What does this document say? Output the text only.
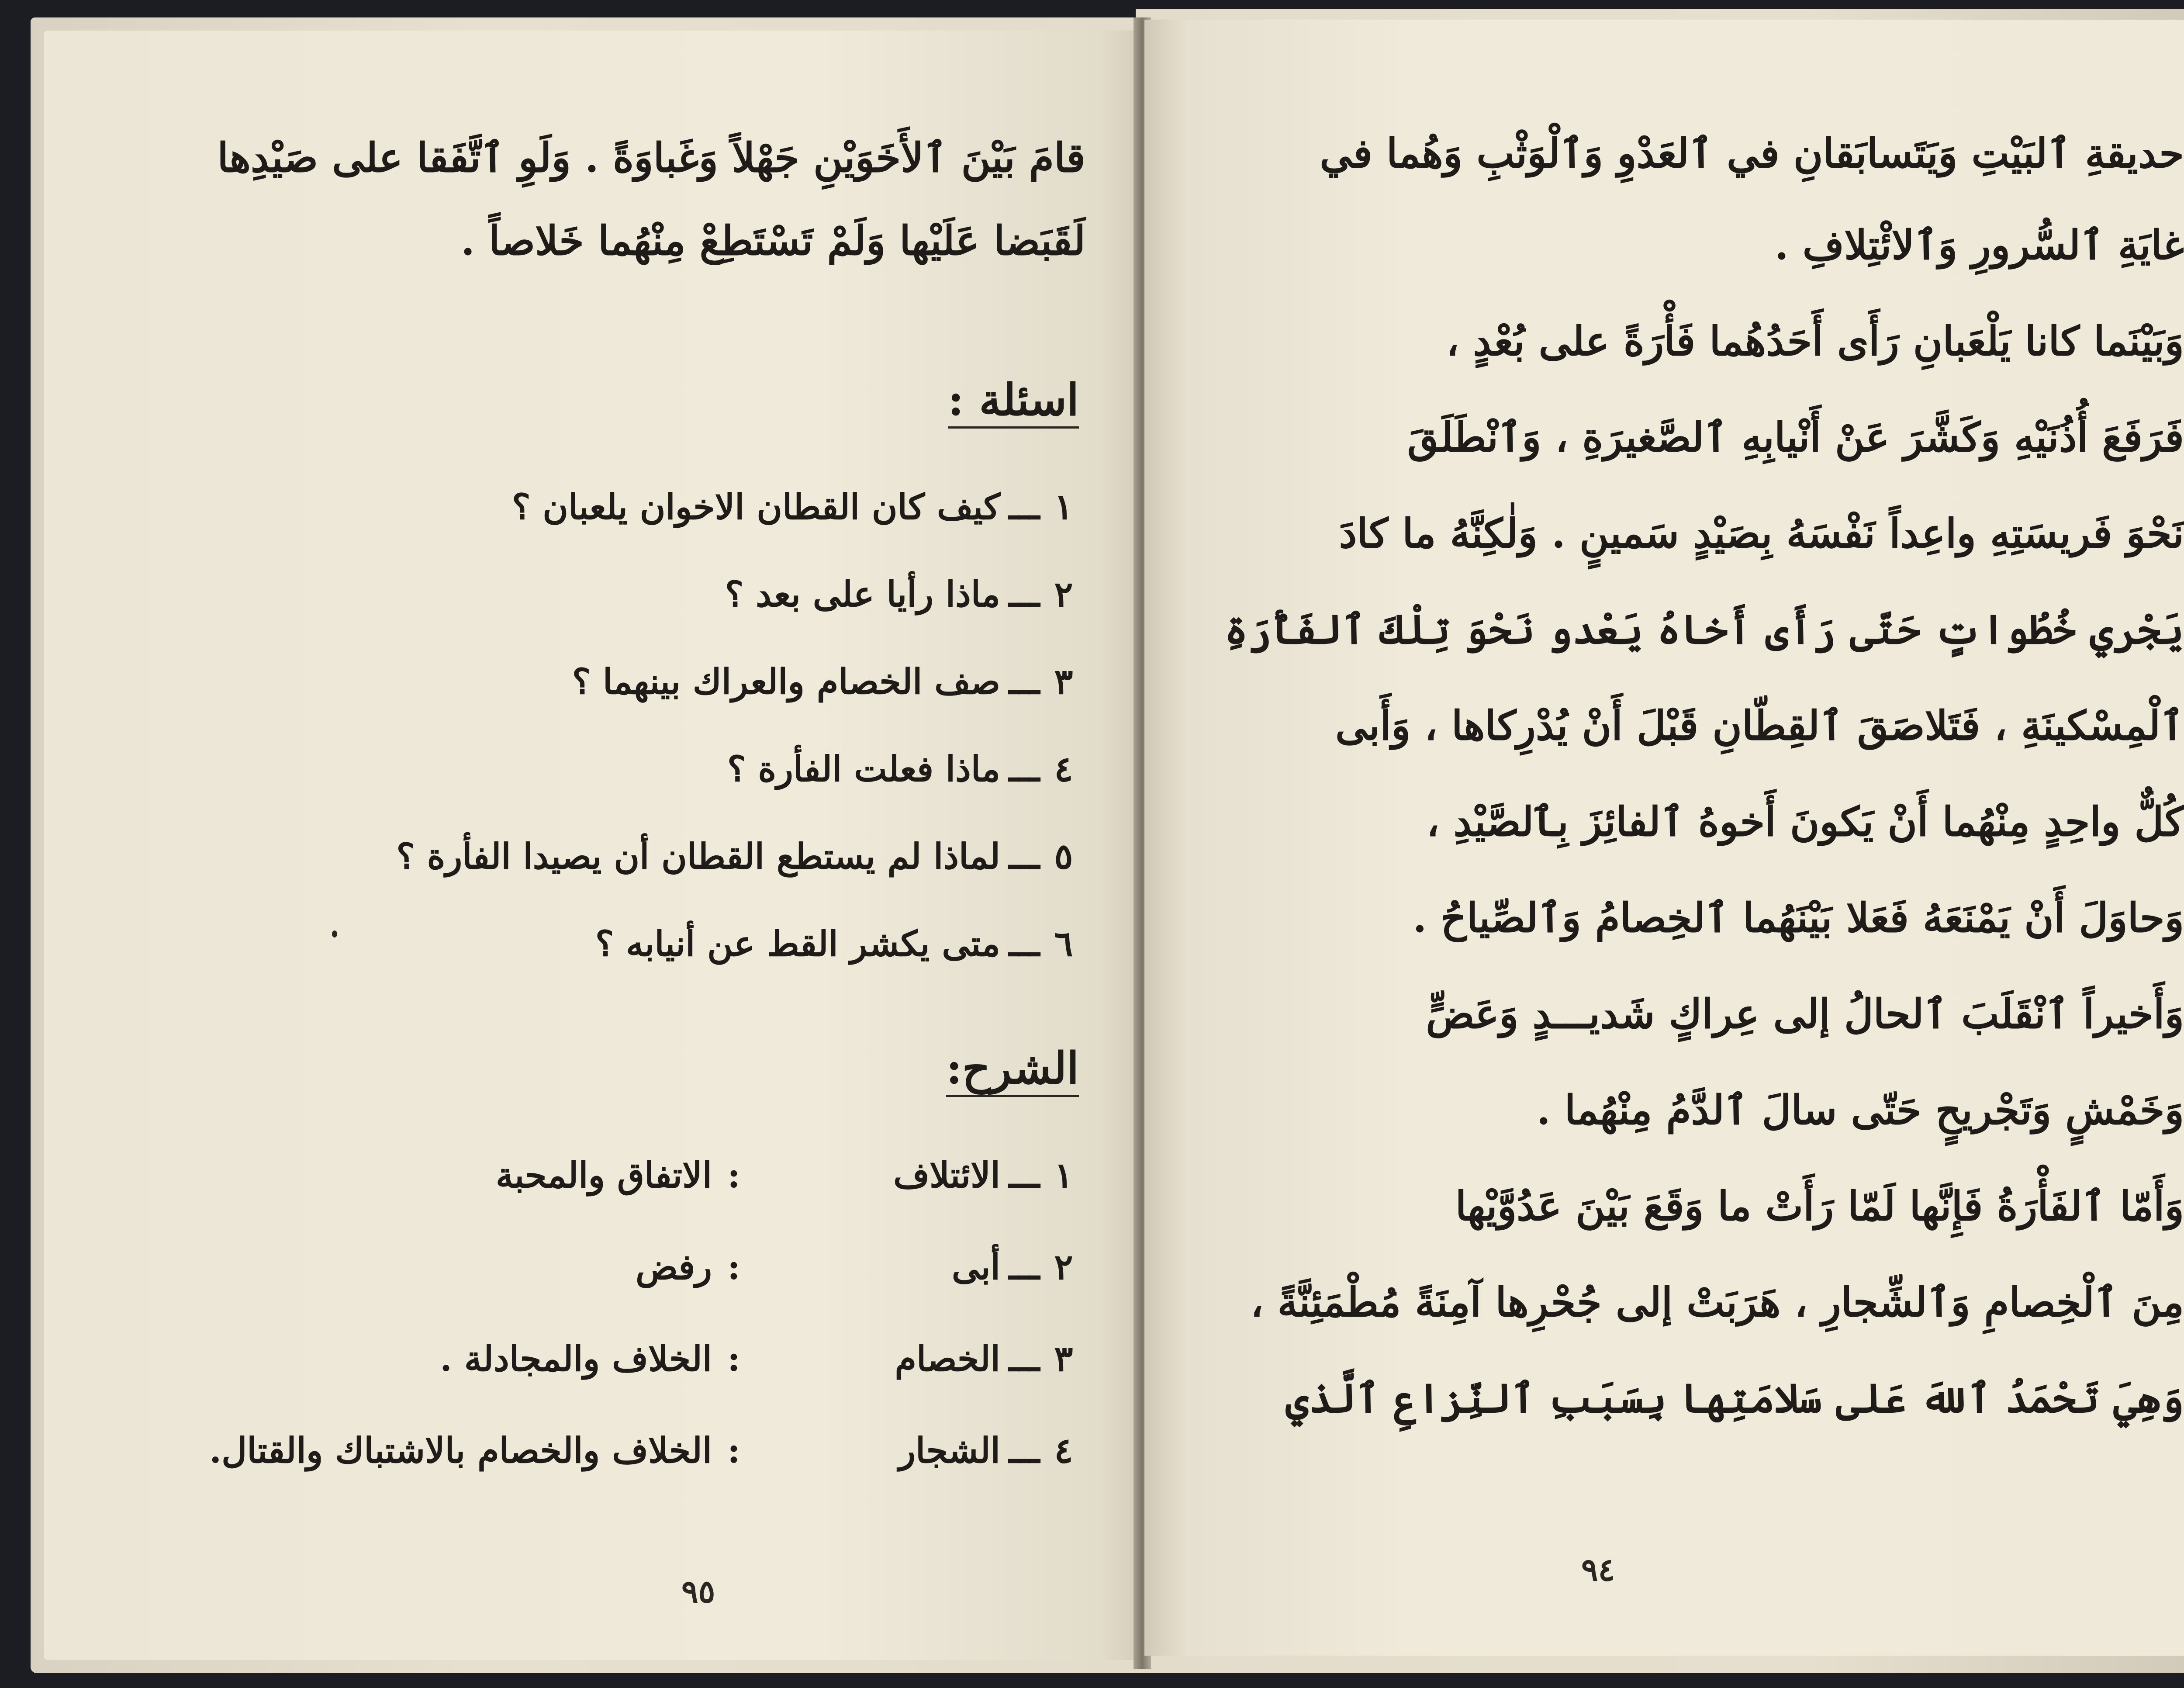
قامَ بَيْنَ ٱلأَخَوَيْنِ جَهْلاً وَغَباوَةً . وَلَوِ ٱتَّفَقا على صَيْدِها
لَقَبَضا عَلَيْها وَلَمْ تَسْتَطِعْ مِنْهُما خَلاصاً .
اسئلة :
١ـــكيف كان القطان الاخوان يلعبان ؟
٢ـــماذا رأيا على بعد ؟
٣ـــصف الخصام والعراك بينهما ؟
٤ـــماذا فعلت الفأرة ؟
٥ـــلماذا لم يستطع القطان أن يصيدا الفأرة ؟
٦ـــمتى يكشر القط عن أنيابه ؟
الشرح:
١ـــالائتلاف:الاتفاق والمحبة
٢ـــأبى:رفض
٣ـــالخصام:الخلاف والمجادلة .
٤ـــالشجار:الخلاف والخصام بالاشتباك والقتال.
٩٥
حديقةِ ٱلبَيْتِ وَيَتَسابَقانِ في ٱلعَدْوِ وَٱلْوَثْبِ وَهُما في
غايَةِ ٱلسُّرورِ وَٱلائْتِلافِ .
وَبَيْنَما كانا يَلْعَبانِ رَأَى أَحَدُهُما فَأْرَةً على بُعْدٍ ،
فَرَفَعَ أُذُنَيْهِ وَكَشَّرَ عَنْ أَنْيابِهِ ٱلصَّغيرَةِ ، وَٱنْطَلَقَ
نَحْوَ فَريسَتِهِ واعِداً نَفْسَهُ بِصَيْدٍ سَمينٍ . وَلٰكِنَّهُ ما كادَ
يَجْري خُطُواتٍ حَتّى رَأَى أَخاهُ يَعْدو نَحْوَ تِلْكَ ٱلفَأْرَةِ
ٱلْمِسْكينَةِ ، فَتَلاصَقَ ٱلقِطّانِ قَبْلَ أَنْ يُدْرِكاها ، وَأَبى
كُلٌّ واحِدٍ مِنْهُما أَنْ يَكونَ أَخوهُ ٱلفائِزَ بِٱلصَّيْدِ ،
وَحاوَلَ أَنْ يَمْنَعَهُ فَعَلا بَيْنَهُما ٱلخِصامُ وَٱلصِّياحُ .
وَأَخيراً ٱنْقَلَبَ ٱلحالُ إلى عِراكٍ شَديـــدٍ وَعَضٍّ
وَخَمْشٍ وَتَجْريحٍ حَتّى سالَ ٱلدَّمُ مِنْهُما .
وَأَمّا ٱلفَأْرَةُ فَإِنَّها لَمّا رَأَتْ ما وَقَعَ بَيْنَ عَدُوَّيْها
مِنَ ٱلْخِصامِ وَٱلشِّجارِ ، هَرَبَتْ إلى جُحْرِها آمِنَةً مُطْمَئِنَّةً ،
وَهِيَ تَحْمَدُ ٱللهَ عَلى سَلامَتِها بِسَبَبِ ٱلنِّزاعِ ٱلَّذي
٩٤
